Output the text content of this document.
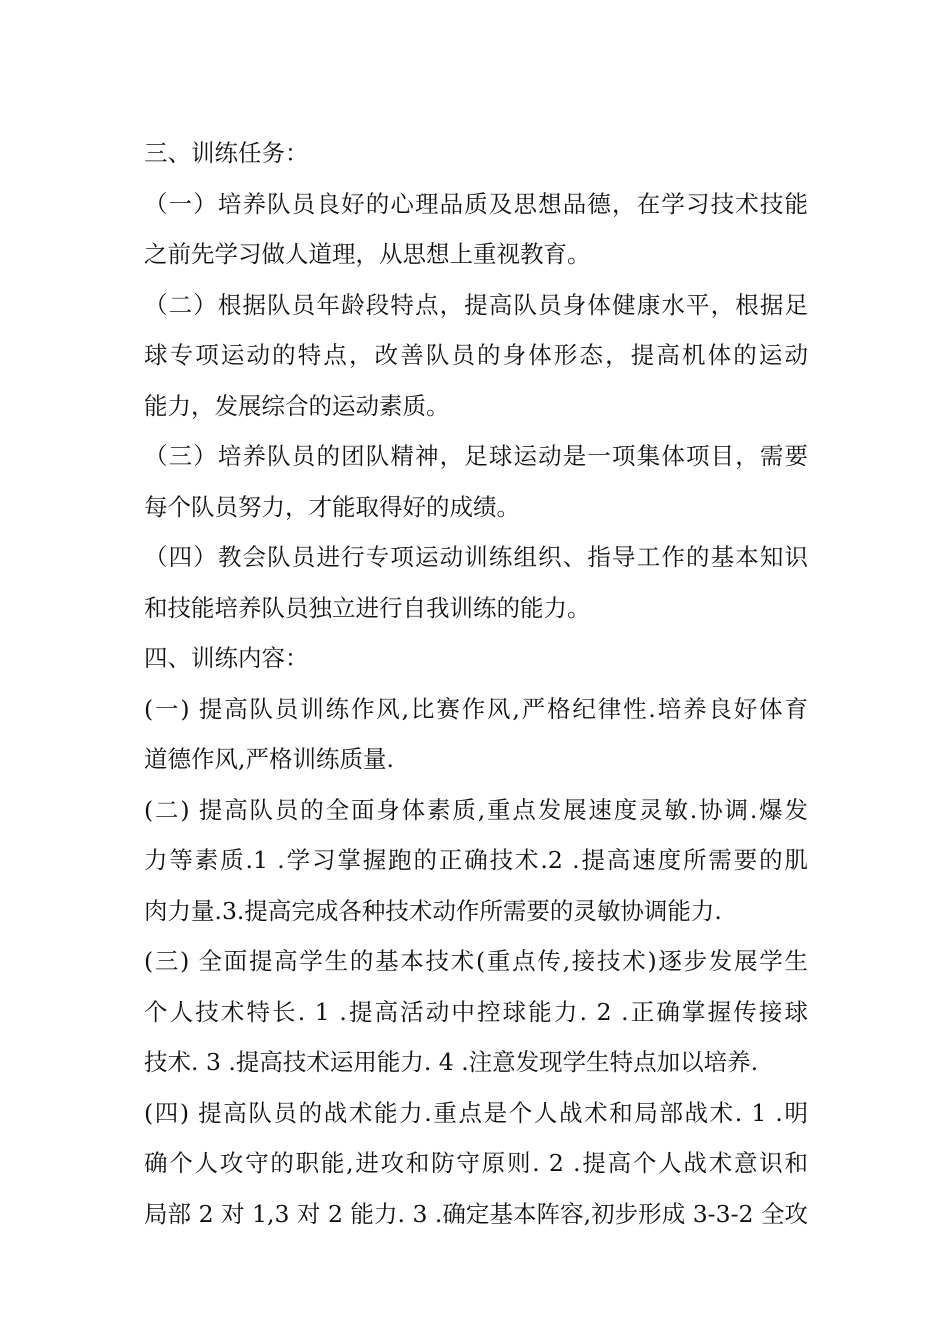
三、训练任务：
（一）培养队员良好的心理品质及思想品德，在学习技术技能
之前先学习做人道理，从思想上重视教育。
（二）根据队员年龄段特点，提高队员身体健康水平，根据足
球专项运动的特点，改善队员的身体形态，提高机体的运动
能力，发展综合的运动素质。
（三）培养队员的团队精神，足球运动是一项集体项目，需要
每个队员努力，才能取得好的成绩。
（四）教会队员进行专项运动训练组织、指导工作的基本知识
和技能培养队员独立进行自我训练的能力。
四、训练内容：
(一) 提高队员训练作风,比赛作风,严格纪律性.培养良好体育
道德作风,严格训练质量.
(二) 提高队员的全面身体素质,重点发展速度灵敏.协调.爆发
力等素质.1 .学习掌握跑的正确技术.2 .提高速度所需要的肌
肉力量.3.提高完成各种技术动作所需要的灵敏协调能力.
(三) 全面提高学生的基本技术(重点传,接技术)逐步发展学生
个人技术特长. 1 .提高活动中控球能力. 2 .正确掌握传接球
技术. 3 .提高技术运用能力. 4 .注意发现学生特点加以培养.
(四) 提高队员的战术能力.重点是个人战术和局部战术. 1 .明
确个人攻守的职能,进攻和防守原则. 2 .提高个人战术意识和
局部 2 对 1,3 对 2 能力. 3 .确定基本阵容,初步形成 3-3-2 全攻
